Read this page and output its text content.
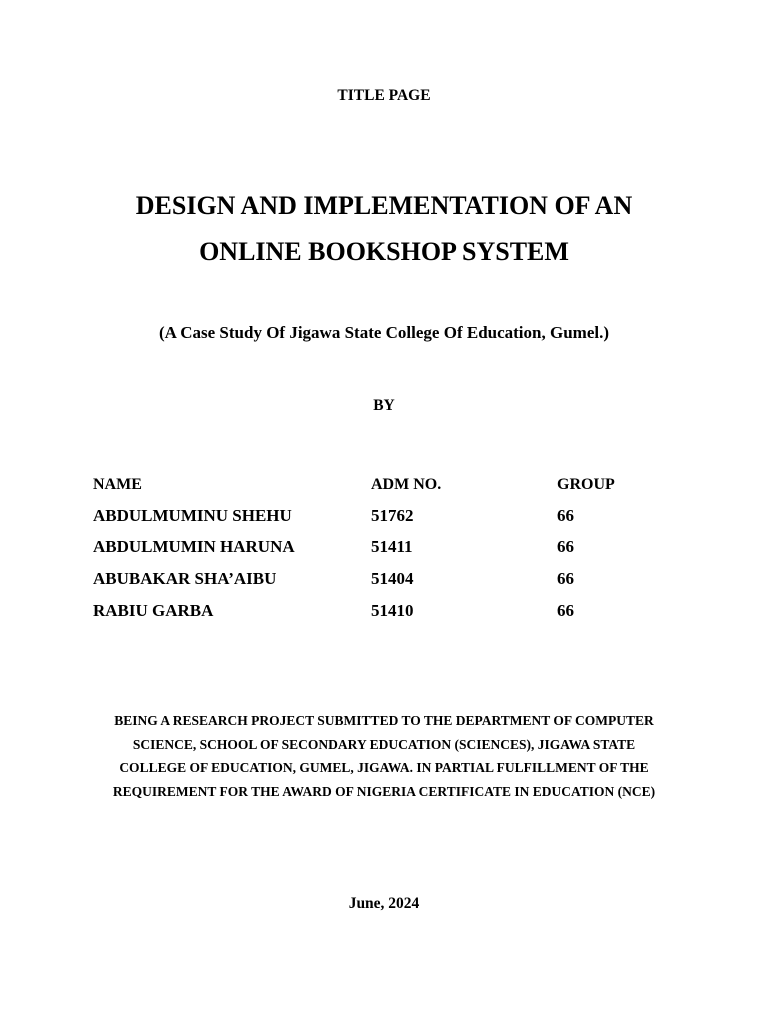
TITLE PAGE
DESIGN AND IMPLEMENTATION OF AN
ONLINE BOOKSHOP SYSTEM
(A Case Study Of Jigawa State College Of Education, Gumel.)
BY
NAME	ADM NO.	GROUP
ABDULMUMINU SHEHU	51762	66
ABDULMUMIN HARUNA	51411	66
ABUBAKAR SHA’AIBU	51404	66
RABIU GARBA	51410	66
BEING A RESEARCH PROJECT SUBMITTED TO THE DEPARTMENT OF COMPUTER
SCIENCE, SCHOOL OF SECONDARY EDUCATION (SCIENCES), JIGAWA STATE
COLLEGE OF EDUCATION, GUMEL, JIGAWA. IN PARTIAL FULFILLMENT OF THE
REQUIREMENT FOR THE AWARD OF NIGERIA CERTIFICATE IN EDUCATION (NCE)
June, 2024
